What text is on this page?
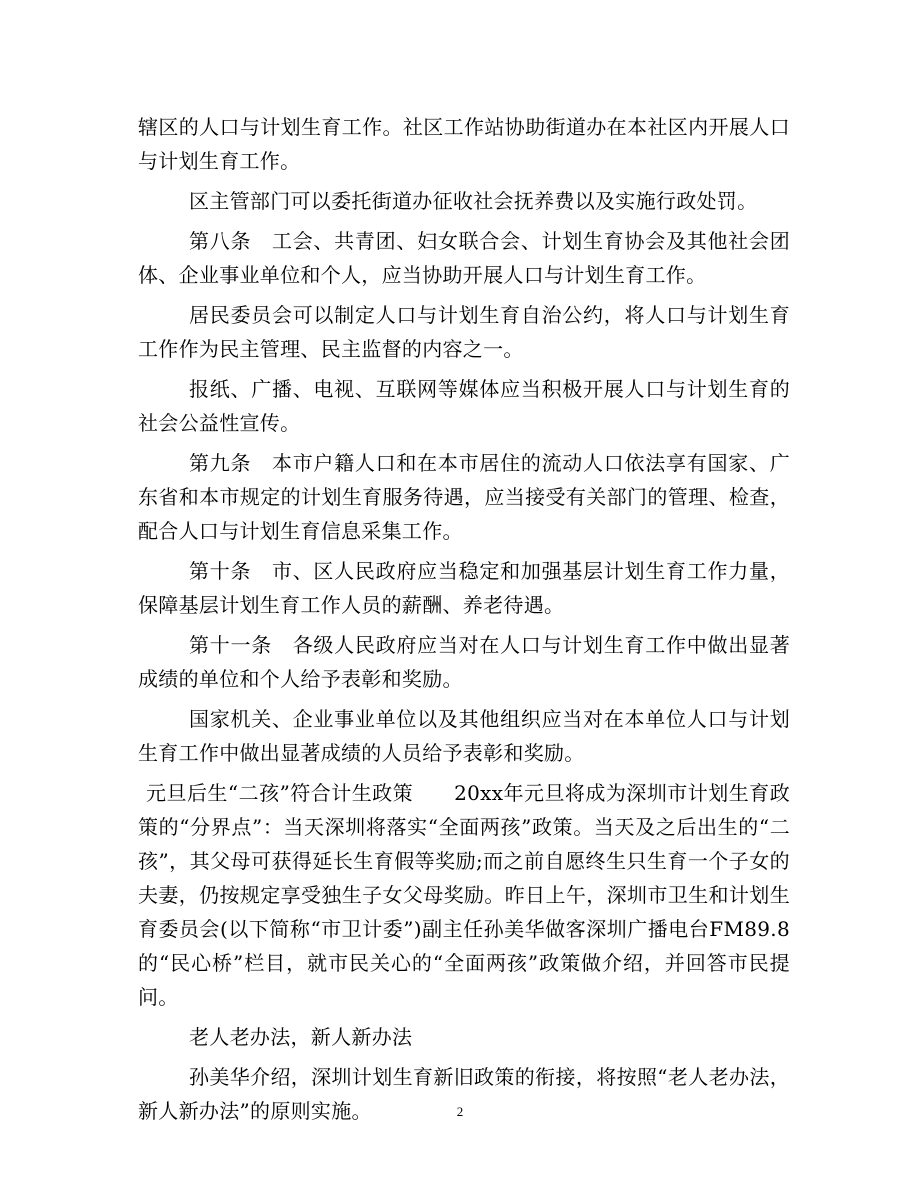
辖区的人口与计划生育工作。社区工作站协助街道办在本社区内开展人口与计划生育工作。

区主管部门可以委托街道办征收社会抚养费以及实施行政处罚。

第八条　工会、共青团、妇女联合会、计划生育协会及其他社会团体、企业事业单位和个人，应当协助开展人口与计划生育工作。

居民委员会可以制定人口与计划生育自治公约，将人口与计划生育工作作为民主管理、民主监督的内容之一。

报纸、广播、电视、互联网等媒体应当积极开展人口与计划生育的社会公益性宣传。

第九条　本市户籍人口和在本市居住的流动人口依法享有国家、广东省和本市规定的计划生育服务待遇，应当接受有关部门的管理、检查，配合人口与计划生育信息采集工作。

第十条　市、区人民政府应当稳定和加强基层计划生育工作力量，保障基层计划生育工作人员的薪酬、养老待遇。

第十一条　各级人民政府应当对在人口与计划生育工作中做出显著成绩的单位和个人给予表彰和奖励。

国家机关、企业事业单位以及其他组织应当对在本单位人口与计划生育工作中做出显著成绩的人员给予表彰和奖励。

元旦后生“二孩”符合计生政策　　20xx年元旦将成为深圳市计划生育政策的“分界点”：当天深圳将落实“全面两孩”政策。当天及之后出生的“二孩”，其父母可获得延长生育假等奖励;而之前自愿终生只生育一个子女的夫妻，仍按规定享受独生子女父母奖励。昨日上午，深圳市卫生和计划生育委员会(以下简称“市卫计委”)副主任孙美华做客深圳广播电台FM89.8的“民心桥”栏目，就市民关心的“全面两孩”政策做介绍，并回答市民提问。

老人老办法，新人新办法

孙美华介绍，深圳计划生育新旧政策的衔接，将按照“老人老办法，新人新办法”的原则实施。	2
